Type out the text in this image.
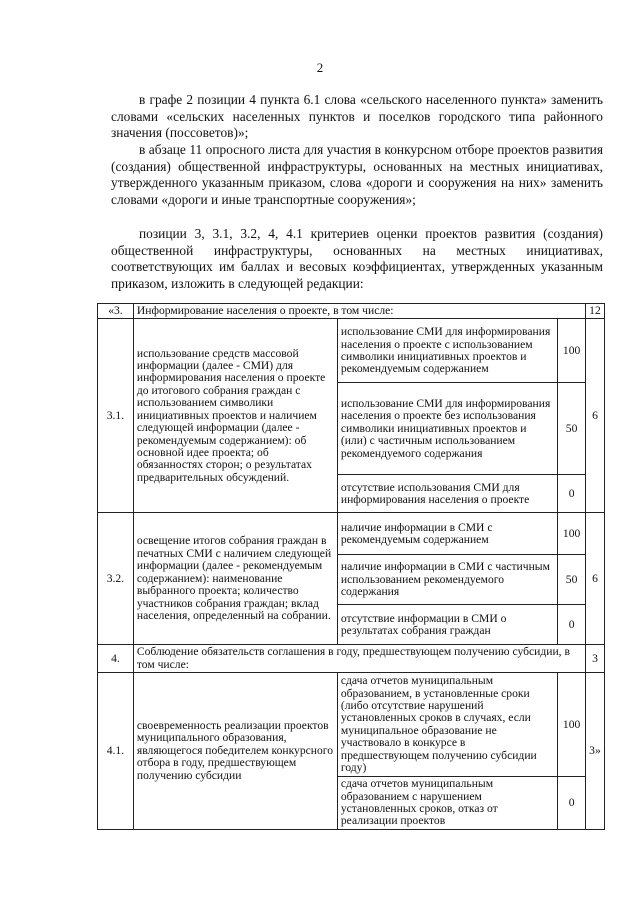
2

в графе 2 позиции 4 пункта 6.1 слова «сельского населенного пункта» заменить словами «сельских населенных пунктов и поселков городского типа районного значения (поссоветов)»;

в абзаце 11 опросного листа для участия в конкурсном отборе проектов развития (создания) общественной инфраструктуры, основанных на местных инициативах, утвержденного указанным приказом, слова «дороги и сооружения на них» заменить словами «дороги и иные транспортные сооружения»;

позиции 3, 3.1, 3.2, 4, 4.1 критериев оценки проектов развития (создания) общественной инфраструктуры, основанных на местных инициативах, соответствующих им баллах и весовых коэффициентах, утвержденных указанным приказом, изложить в следующей редакции:

«3.	Информирование населения о проекте, в том числе:			12
3.1.	использование средств массовой информации (далее - СМИ) для информирования населения о проекте до итогового собрания граждан с использованием символики инициативных проектов и наличием следующей информации (далее - рекомендуемым содержанием): об основной идее проекта; об обязанностях сторон; о результатах предварительных обсуждений.	использование СМИ для информирования населения о проекте с использованием символики инициативных проектов и рекомендуемым содержанием	100	6
		использование СМИ для информирования населения о проекте без использования символики инициативных проектов и (или) с частичным использованием рекомендуемого содержания	50	
		отсутствие использования СМИ для информирования населения о проекте	0	
3.2.	освещение итогов собрания граждан в печатных СМИ с наличием следующей информации (далее - рекомендуемым содержанием): наименование выбранного проекта; количество участников собрания граждан; вклад населения, определенный на собрании.	наличие информации в СМИ с рекомендуемым содержанием	100	6
		наличие информации в СМИ с частичным использованием рекомендуемого содержания	50	
		отсутствие информации в СМИ о результатах собрания граждан	0	
4.	Соблюдение обязательств соглашения в году, предшествующем получению субсидии, в том числе:			3
4.1.	своевременность реализации проектов муниципального образования, являющегося победителем конкурсного отбора в году, предшествующем получению субсидии	сдача отчетов муниципальным образованием, в установленные сроки (либо отсутствие нарушений установленных сроков в случаях, если муниципальное образование не участвовало в конкурсе в предшествующем получению субсидии году)	100	3»
		сдача отчетов муниципальным образованием с нарушением установленных сроков, отказ от реализации проектов	0	
